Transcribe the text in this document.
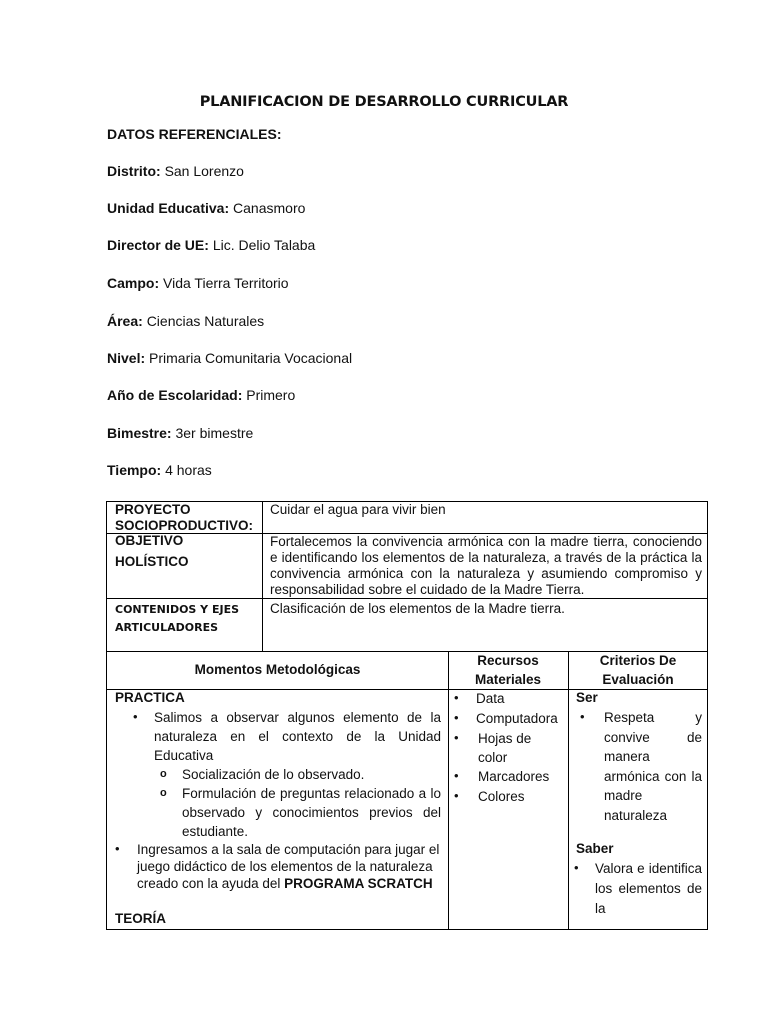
PLANIFICACION DE DESARROLLO CURRICULAR
DATOS REFERENCIALES:
Distrito: San Lorenzo
Unidad Educativa: Canasmoro
Director de UE: Lic. Delio Talaba
Campo: Vida Tierra Territorio
Área: Ciencias Naturales
Nivel: Primaria Comunitaria Vocacional
Año de Escolaridad: Primero
Bimestre: 3er bimestre
Tiempo: 4 horas
PROYECTO
SOCIOPRODUCTIVO:
Cuidar el agua para vivir bien
OBJETIVO
HOLÍSTICO
Fortalecemos la convivencia armónica con la madre tierra, conociendo e identificando los elementos de la naturaleza, a través de la práctica la convivencia armónica con la naturaleza y asumiendo compromiso y responsabilidad sobre el cuidado de la Madre Tierra.
CONTENIDOS Y EJES
ARTICULADORES
Clasificación de los elementos de la Madre tierra.
Momentos Metodológicas
Recursos
Materiales
Criterios De
Evaluación
PRACTICA
• Salimos a observar algunos elemento de la naturaleza en el contexto de la Unidad Educativa
o Socialización de lo observado.
o Formulación de preguntas relacionado a lo observado y conocimientos previos del estudiante.
• Ingresamos a la sala de computación para jugar el juego didáctico de los elementos de la naturaleza creado con la ayuda del PROGRAMA SCRATCH
TEORÍA
• Data
• Computadora
• Hojas de color
• Marcadores
• Colores
Ser
• Respeta y convive de manera armónica con la madre naturaleza
Saber
• Valora e identifica los elementos de la
